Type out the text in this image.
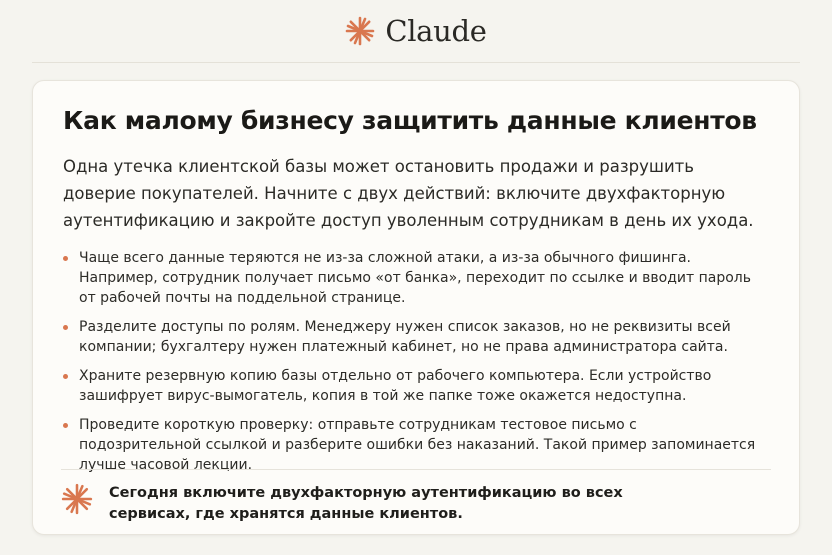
Claude
Как малому бизнесу защитить данные клиентов

Одна утечка клиентской базы может остановить продажи и разрушить доверие покупателей. Начните с двух действий: включите двухфакторную аутентификацию и закройте доступ уволенным сотрудникам в день их ухода.

Чаще всего данные теряются не из-за сложной атаки, а из-за обычного фишинга. Например, сотрудник получает письмо «от банка», переходит по ссылке и вводит пароль от рабочей почты на поддельной странице.
Разделите доступы по ролям. Менеджеру нужен список заказов, но не реквизиты всей компании; бухгалтеру нужен платежный кабинет, но не права администратора сайта.
Храните резервную копию базы отдельно от рабочего компьютера. Если устройство зашифрует вирус-вымогатель, копия в той же папке тоже окажется недоступна.
Проведите короткую проверку: отправьте сотрудникам тестовое письмо с подозрительной ссылкой и разберите ошибки без наказаний. Такой пример запоминается лучше часовой лекции.

Сегодня включите двухфакторную аутентификацию во всех сервисах, где хранятся данные клиентов.
